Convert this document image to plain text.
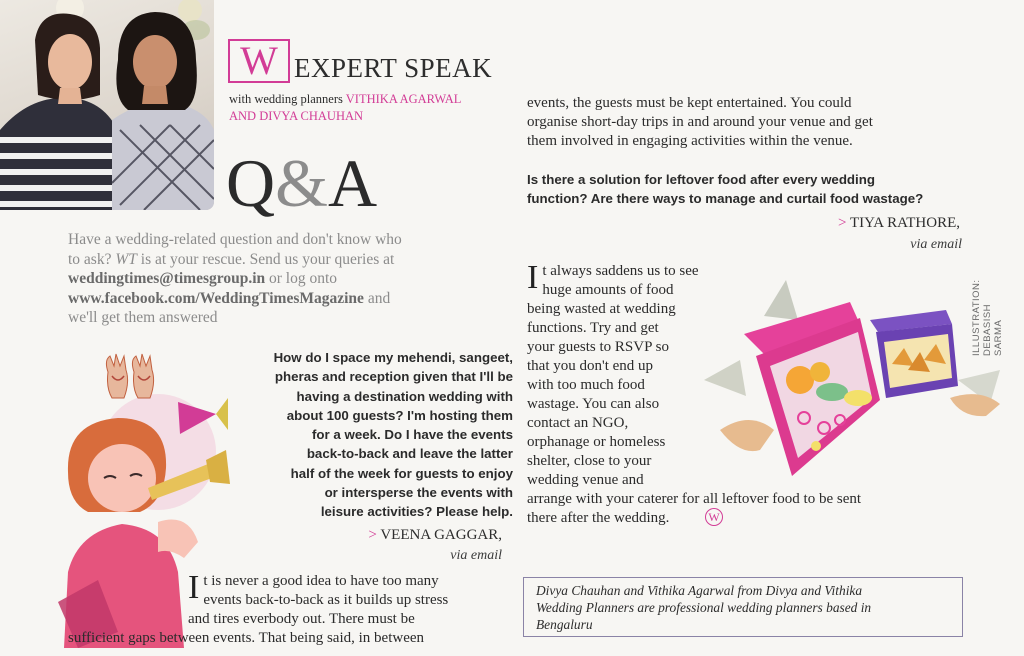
W EXPERT SPEAK
with wedding planners VITHIKA AGARWAL
AND DIVYA CHAUHAN
Q&A
Have a wedding-related question and don't know who
to ask? WT is at your rescue. Send us your queries at
weddingtimes@timesgroup.in or log onto
www.facebook.com/WeddingTimesMagazine and
we'll get them answered
How do I space my mehendi, sangeet,
pheras and reception given that I'll be
having a destination wedding with
about 100 guests? I'm hosting them
for a week. Do I have the events
back-to-back and leave the latter
half of the week for guests to enjoy
or intersperse the events with
leisure activities? Please help.
> VEENA GAGGAR,
via email
I t is never a good idea to have too many
events back-to-back as it builds up stress
and tires everbody out. There must be
sufficient gaps between events. That being said, in between
events, the guests must be kept entertained. You could
organise short-day trips in and around your venue and get
them involved in engaging activities within the venue.
Is there a solution for leftover food after every wedding
function? Are there ways to manage and curtail food wastage?
> TIYA RATHORE,
via email
I t always saddens us to see
huge amounts of food
being wasted at wedding
functions. Try and get
your guests to RSVP so
that you don't end up
with too much food
wastage. You can also
contact an NGO,
orphanage or homeless
shelter, close to your
wedding venue and
arrange with your caterer for all leftover food to be sent
there after the wedding.	W
ILLUSTRATION: DEBASISH SARMA
Divya Chauhan and Vithika Agarwal from Divya and Vithika
Wedding Planners are professional wedding planners based in
Bengaluru
